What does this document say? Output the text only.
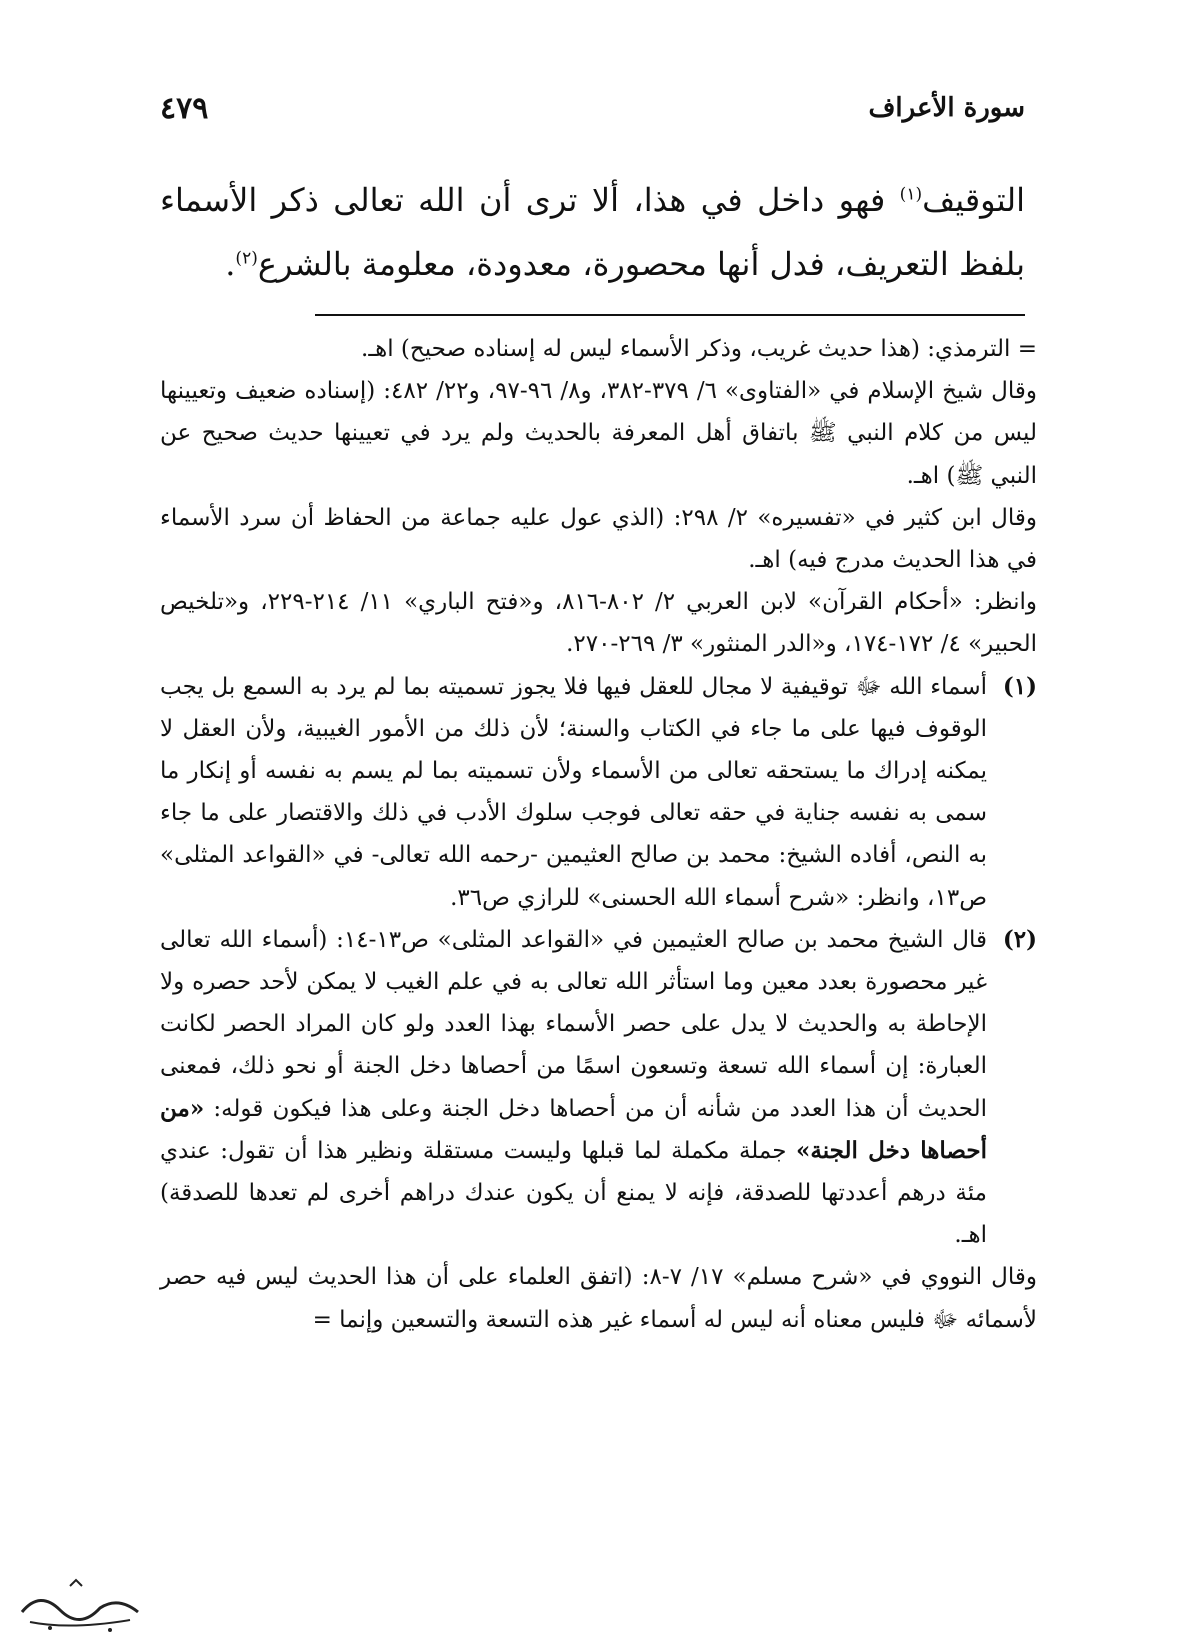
سورة الأعراف
٤٧٩

التوقيف$^{(١)}$ فهو داخل في هذا، ألا ترى أن الله تعالى ذكر الأسماء بلفظ التعريف، فدل أنها محصورة، معدودة، معلومة بالشرع$^{(٢)}$.

= الترمذي: (هذا حديث غريب، وذكر الأسماء ليس له إسناده صحيح) اهـ.

وقال شيخ الإسلام في «الفتاوى» ٦/ ٣٧٩-٣٨٢، و٨/ ٩٦-٩٧، و٢٢/ ٤٨٢: (إسناده ضعيف وتعيينها ليس من كلام النبي ﷺ باتفاق أهل المعرفة بالحديث ولم يرد في تعيينها حديث صحيح عن النبي ﷺ) اهـ.

وقال ابن كثير في «تفسيره» ٢/ ٢٩٨: (الذي عول عليه جماعة من الحفاظ أن سرد الأسماء في هذا الحديث مدرج فيه) اهـ.

وانظر: «أحكام القرآن» لابن العربي ٢/ ٨٠٢-٨١٦، و«فتح الباري» ١١/ ٢١٤-٢٢٩، و«تلخيص الحبير» ٤/ ١٧٢-١٧٤، و«الدر المنثور» ٣/ ٢٦٩-٢٧٠.

(١)
أسماء الله ﷻ توقيفية لا مجال للعقل فيها فلا يجوز تسميته بما لم يرد به السمع بل يجب الوقوف فيها على ما جاء في الكتاب والسنة؛ لأن ذلك من الأمور الغيبية، ولأن العقل لا يمكنه إدراك ما يستحقه تعالى من الأسماء ولأن تسميته بما لم يسم به نفسه أو إنكار ما سمى به نفسه جناية في حقه تعالى فوجب سلوك الأدب في ذلك والاقتصار على ما جاء به النص، أفاده الشيخ: محمد بن صالح العثيمين -رحمه الله تعالى- في «القواعد المثلى» ص١٣، وانظر: «شرح أسماء الله الحسنى» للرازي ص٣٦.
(٢)
قال الشيخ محمد بن صالح العثيمين في «القواعد المثلى» ص١٣-١٤: (أسماء الله تعالى غير محصورة بعدد معين وما استأثر الله تعالى به في علم الغيب لا يمكن لأحد حصره ولا الإحاطة به والحديث لا يدل على حصر الأسماء بهذا العدد ولو كان المراد الحصر لكانت العبارة: إن أسماء الله تسعة وتسعون اسمًا من أحصاها دخل الجنة أو نحو ذلك، فمعنى الحديث أن هذا العدد من شأنه أن من أحصاها دخل الجنة وعلى هذا فيكون قوله: «من أحصاها دخل الجنة» جملة مكملة لما قبلها وليست مستقلة ونظير هذا أن تقول: عندي مئة درهم أعددتها للصدقة، فإنه لا يمنع أن يكون عندك دراهم أخرى لم تعدها للصدقة) اهـ.

وقال النووي في «شرح مسلم» ١٧/ ٧-٨: (اتفق العلماء على أن هذا الحديث ليس فيه حصر لأسمائه ﷻ فليس معناه أنه ليس له أسماء غير هذه التسعة والتسعين وإنما =
